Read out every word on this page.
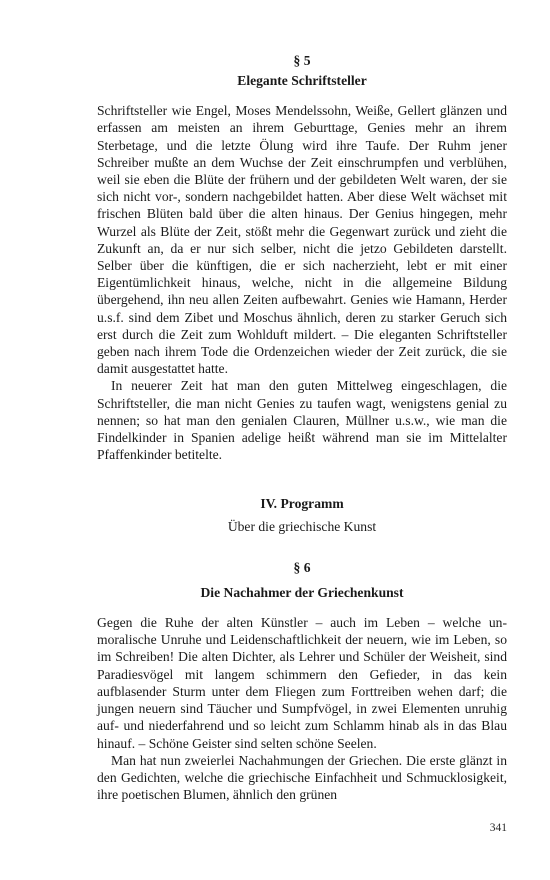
§ 5

Elegante Schriftsteller

Schriftsteller wie Engel, Moses Mendelssohn, Weiße, Gellert glänzen und erfassen am meisten an ihrem Geburttage, Genies mehr an ihrem Sterbetage, und die letzte Ölung wird ihre Taufe. Der Ruhm jener Schreiber mußte an dem Wuchse der Zeit einschrumpfen und verblühen, weil sie eben die Blüte der frühern und der gebildeten Welt waren, der sie sich nicht vor-, sondern nachgebildet hatten. Aber diese Welt wächset mit frischen Blüten bald über die alten hinaus. Der Genius hingegen, mehr Wurzel als Blüte der Zeit, stößt mehr die Gegenwart zurück und zieht die Zukunft an, da er nur sich selber, nicht die jetzo Gebildeten darstellt. Selber über die künftigen, die er sich nacherzieht, lebt er mit einer Eigentümlichkeit hinaus, welche, nicht in die allgemeine Bildung übergehend, ihn neu allen Zeiten aufbewahrt. Genies wie Hamann, Herder u.s.f. sind dem Zibet und Moschus ähnlich, deren zu starker Geruch sich erst durch die Zeit zum Wohlduft mildert. – Die eleganten Schriftsteller geben nach ihrem Tode die Ordenzeichen wieder der Zeit zurück, die sie damit ausgestattet hatte.

In neuerer Zeit hat man den guten Mittelweg eingeschlagen, die Schriftsteller, die man nicht Genies zu taufen wagt, wenigstens genial zu nennen; so hat man den genialen Clauren, Müllner u.s.w., wie man die Findelkinder in Spanien adelige heißt während man sie im Mittelalter Pfaffenkinder betitelte.

IV. Programm

Über die griechische Kunst

§ 6

Die Nachahmer der Griechenkunst

Gegen die Ruhe der alten Künstler – auch im Leben – welche unmoralische Unruhe und Leidenschaftlichkeit der neuern, wie im Leben, so im Schreiben! Die alten Dichter, als Lehrer und Schüler der Weisheit, sind Paradiesvögel mit langem schimmern den Gefieder, in das kein aufblasender Sturm unter dem Fliegen zum Forttreiben wehen darf; die jungen neuern sind Täucher und Sumpfvögel, in zwei Elementen unruhig auf- und niederfahrend und so leicht zum Schlamm hinab als in das Blau hinauf. – Schöne Geister sind selten schöne Seelen.

Man hat nun zweierlei Nachahmungen der Griechen. Die erste glänzt in den Gedichten, welche die griechische Einfachheit und Schmucklosigkeit, ihre poetischen Blumen, ähnlich den grünen

341
